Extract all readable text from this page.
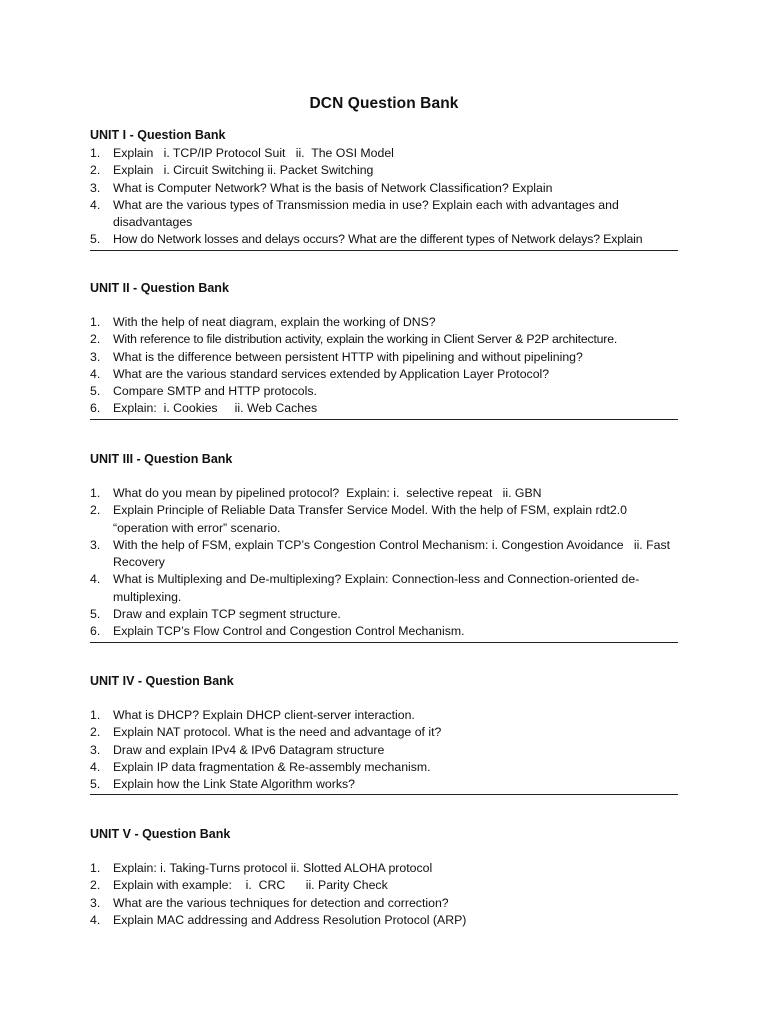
DCN Question Bank
UNIT I - Question Bank
1. Explain   i. TCP/IP Protocol Suit   ii.  The OSI Model
2. Explain   i. Circuit Switching ii. Packet Switching
3. What is Computer Network? What is the basis of Network Classification? Explain
4. What are the various types of Transmission media in use? Explain each with advantages and disadvantages
5. How do Network losses and delays occurs? What are the different types of Network delays? Explain
UNIT II - Question Bank
1. With the help of neat diagram, explain the working of DNS?
2. With reference to file distribution activity, explain the working in Client Server & P2P architecture.
3. What is the difference between persistent HTTP with pipelining and without pipelining?
4. What are the various standard services extended by Application Layer Protocol?
5. Compare SMTP and HTTP protocols.
6. Explain:  i. Cookies     ii. Web Caches
UNIT III - Question Bank
1. What do you mean by pipelined protocol?  Explain: i.  selective repeat   ii. GBN
2. Explain Principle of Reliable Data Transfer Service Model. With the help of FSM, explain rdt2.0 “operation with error” scenario.
3. With the help of FSM, explain TCP’s Congestion Control Mechanism: i. Congestion Avoidance   ii. Fast Recovery
4. What is Multiplexing and De-multiplexing? Explain: Connection-less and Connection-oriented de-multiplexing.
5. Draw and explain TCP segment structure.
6. Explain TCP’s Flow Control and Congestion Control Mechanism.
UNIT IV - Question Bank
1. What is DHCP? Explain DHCP client-server interaction.
2. Explain NAT protocol. What is the need and advantage of it?
3. Draw and explain IPv4 & IPv6 Datagram structure
4. Explain IP data fragmentation & Re-assembly mechanism.
5. Explain how the Link State Algorithm works?
UNIT V - Question Bank
1. Explain: i. Taking-Turns protocol ii. Slotted ALOHA protocol
2. Explain with example:    i.  CRC      ii. Parity Check
3. What are the various techniques for detection and correction?
4. Explain MAC addressing and Address Resolution Protocol (ARP)
